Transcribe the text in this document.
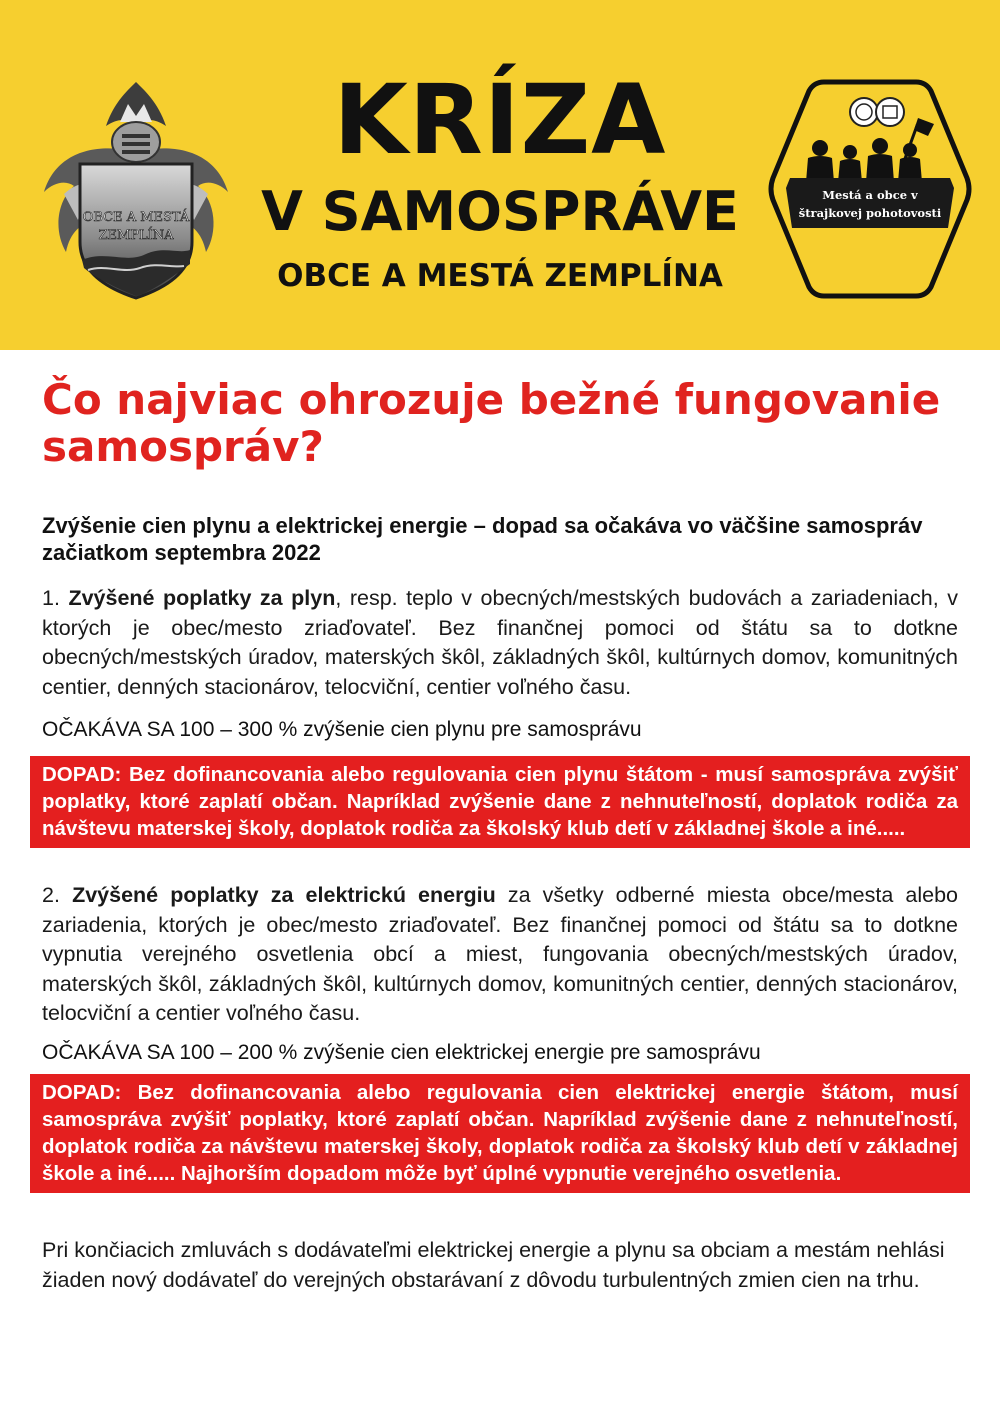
OBCE A MESTÁ
ZEMPLÍNA
KRÍZA
V SAMOSPRÁVE
OBCE A MESTÁ ZEMPLÍNA
Mestá a obce v
štrajkovej pohotovosti
Čo najviac ohrozuje bežné fungovanie samospráv?
Zvýšenie cien plynu a elektrickej energie – dopad sa očakáva vo väčšine samospráv začiatkom septembra 2022
1. Zvýšené poplatky za plyn, resp. teplo v obecných/mestských budovách a zariadeniach, v ktorých je obec/mesto zriaďovateľ. Bez finančnej pomoci od štátu sa to dotkne obecných/mestských úradov, materských škôl, základných škôl, kultúrnych domov, komunitných centier, denných stacionárov, telocviční, centier voľného času.
OČAKÁVA SA 100 – 300 % zvýšenie cien plynu pre samosprávu
DOPAD: Bez dofinancovania alebo regulovania cien plynu štátom - musí samospráva zvýšiť poplatky, ktoré zaplatí občan. Napríklad zvýšenie dane z nehnuteľností, doplatok rodiča za návštevu materskej školy, doplatok rodiča za školský klub detí v základnej škole a iné.....
2. Zvýšené poplatky za elektrickú energiu za všetky odberné miesta obce/mesta alebo zariadenia, ktorých je obec/mesto zriaďovateľ. Bez finančnej pomoci od štátu sa to dotkne vypnutia verejného osvetlenia obcí a miest, fungovania obecných/mestských úradov, materských škôl, základných škôl, kultúrnych domov, komunitných centier, denných stacionárov, telocviční a centier voľného času.
OČAKÁVA SA 100 – 200 % zvýšenie cien elektrickej energie pre samosprávu
DOPAD: Bez dofinancovania alebo regulovania cien elektrickej energie štátom, musí samospráva zvýšiť poplatky, ktoré zaplatí občan. Napríklad zvýšenie dane z nehnuteľností, doplatok rodiča za návštevu materskej školy, doplatok rodiča za školský klub detí v základnej škole a iné..... Najhorším dopadom môže byť úplné vypnutie verejného osvetlenia.
Pri končiacich zmluvách s dodávateľmi elektrickej energie a plynu sa obciam a mestám nehlási žiaden nový dodávateľ do verejných obstarávaní z dôvodu turbulentných zmien cien na trhu.
